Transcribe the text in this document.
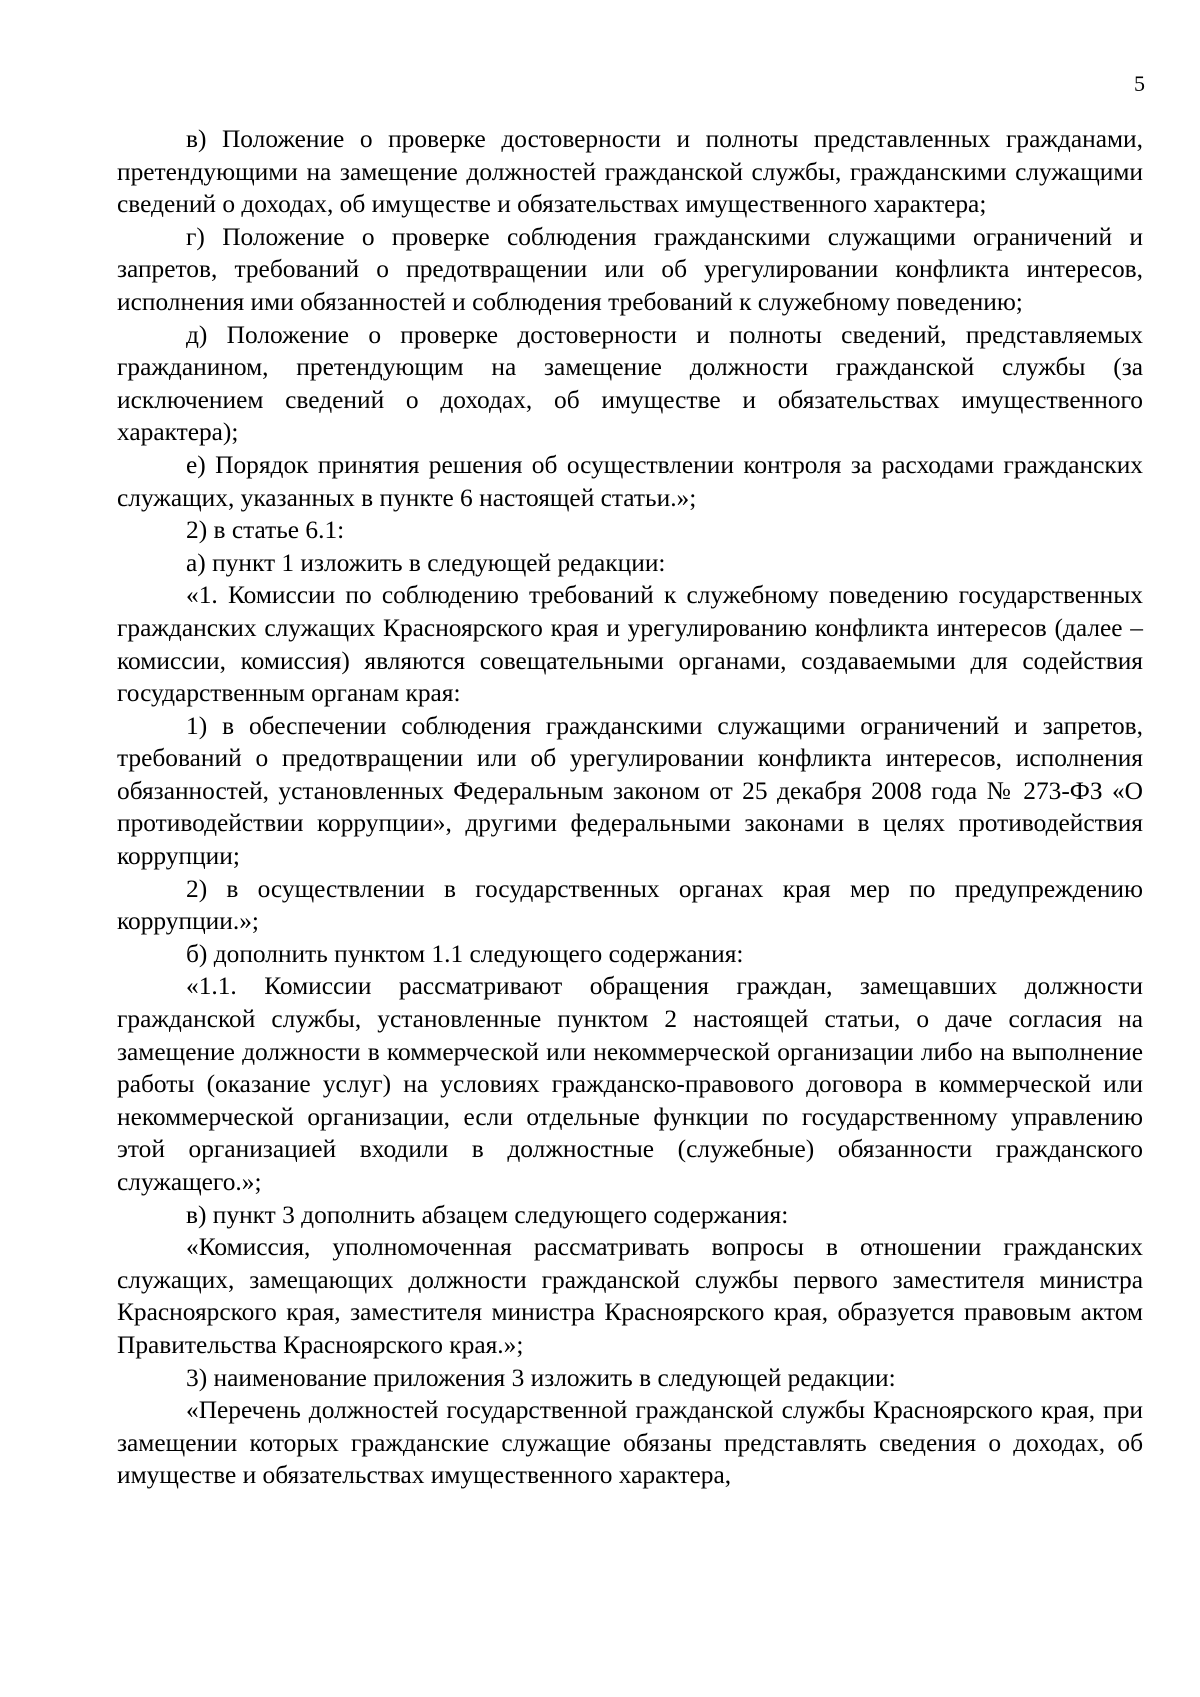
5

в) Положение о проверке достоверности и полноты представленных гражданами, претендующими на замещение должностей гражданской службы, гражданскими служащими сведений о доходах, об имуществе и обязательствах имущественного характера;

г) Положение о проверке соблюдения гражданскими служащими ограничений и запретов, требований о предотвращении или об урегулировании конфликта интересов, исполнения ими обязанностей и соблюдения требований к служебному поведению;

д) Положение о проверке достоверности и полноты сведений, представляемых гражданином, претендующим на замещение должности гражданской службы (за исключением сведений о доходах, об имуществе и обязательствах имущественного характера);

е) Порядок принятия решения об осуществлении контроля за расходами гражданских служащих, указанных в пункте 6 настоящей статьи.»;

2) в статье 6.1:

а) пункт 1 изложить в следующей редакции:

«1. Комиссии по соблюдению требований к служебному поведению государственных гражданских служащих Красноярского края и урегулированию конфликта интересов (далее – комиссии, комиссия) являются совещательными органами, создаваемыми для содействия государственным органам края:

1) в обеспечении соблюдения гражданскими служащими ограничений и запретов, требований о предотвращении или об урегулировании конфликта интересов, исполнения обязанностей, установленных Федеральным законом от 25 декабря 2008 года № 273-ФЗ «О противодействии коррупции», другими федеральными законами в целях противодействия коррупции;

2) в осуществлении в государственных органах края мер по предупреждению коррупции.»;

б) дополнить пунктом 1.1 следующего содержания:

«1.1. Комиссии рассматривают обращения граждан, замещавших должности гражданской службы, установленные пунктом 2 настоящей статьи, о даче согласия на замещение должности в коммерческой или некоммерческой организации либо на выполнение работы (оказание услуг) на условиях гражданско-правового договора в коммерческой или некоммерческой организации, если отдельные функции по государственному управлению этой организацией входили в должностные (служебные) обязанности гражданского служащего.»;

в) пункт 3 дополнить абзацем следующего содержания:

«Комиссия, уполномоченная рассматривать вопросы в отношении гражданских служащих, замещающих должности гражданской службы первого заместителя министра Красноярского края, заместителя министра Красноярского края, образуется правовым актом Правительства Красноярского края.»;

3) наименование приложения 3 изложить в следующей редакции:

«Перечень должностей государственной гражданской службы Красноярского края, при замещении которых гражданские служащие обязаны представлять сведения о доходах, об имуществе и обязательствах имущественного характера,
